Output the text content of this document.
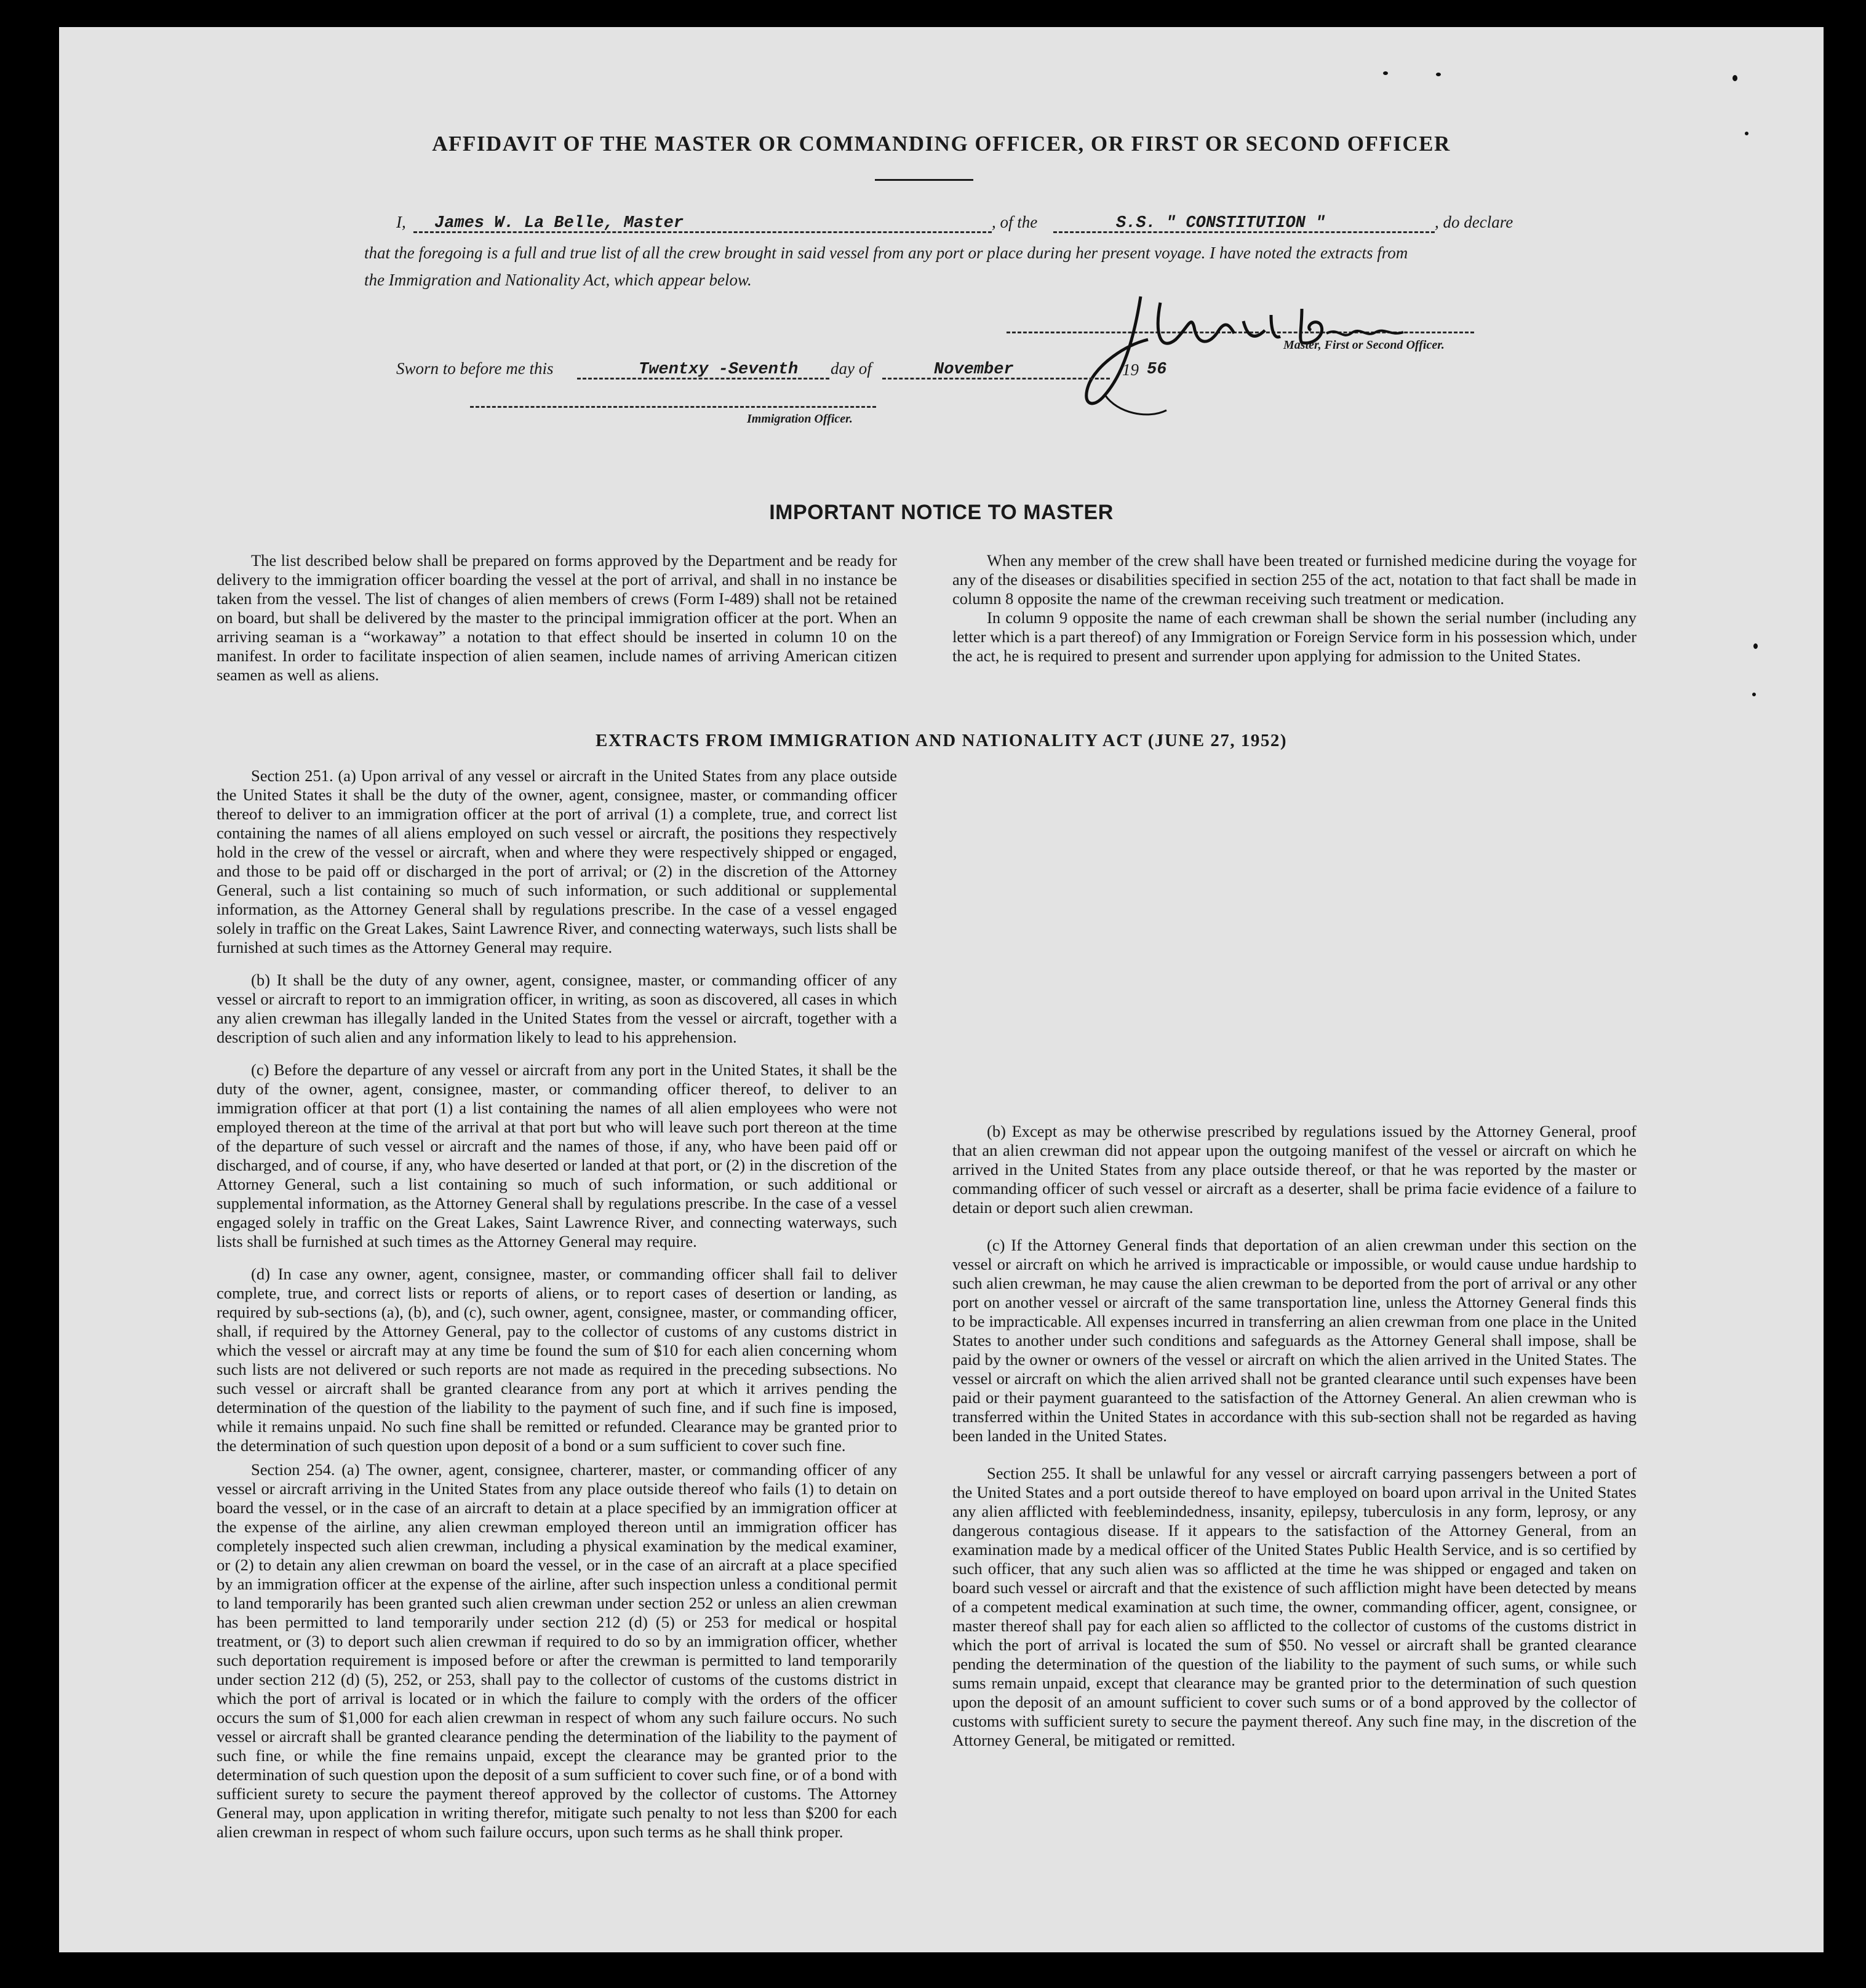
AFFIDAVIT OF THE MASTER OR COMMANDING OFFICER, OR FIRST OR SECOND OFFICER
I, James W. La Belle, Master	, of the	S.S. " CONSTITUTION "	, do declare
that the foregoing is a full and true list of all the crew brought in said vessel from any port or place during her present voyage. I have noted the extracts from
the Immigration and Nationality Act, which appear below.
Master, First or Second Officer.
Sworn to before me this	Twentxy -Seventh day of	November	19 56
Immigration Officer.
IMPORTANT NOTICE TO MASTER

The list described below shall be prepared on forms approved by the Department and be ready for delivery to the immigration officer boarding the vessel at the port of arrival, and shall in no instance be taken from the vessel. The list of changes of alien members of crews (Form I-489) shall not be retained on board, but shall be delivered by the master to the principal immigration officer at the port. When an arriving seaman is a “workaway” a notation to that effect should be inserted in column 10 on the manifest. In order to facilitate inspection of alien seamen, include names of arriving American citizen seamen as well as aliens.

When any member of the crew shall have been treated or furnished medicine during the voyage for any of the diseases or disabilities specified in section 255 of the act, notation to that fact shall be made in column 8 opposite the name of the crewman receiving such treatment or medication.

In column 9 opposite the name of each crewman shall be shown the serial number (including any letter which is a part thereof) of any Immigration or Foreign Service form in his possession which, under the act, he is required to present and surrender upon applying for admission to the United States.

EXTRACTS FROM IMMIGRATION AND NATIONALITY ACT (JUNE 27, 1952)

Section 251. (a) Upon arrival of any vessel or aircraft in the United States from any place outside the United States it shall be the duty of the owner, agent, consignee, master, or commanding officer thereof to deliver to an immigration officer at the port of arrival (1) a complete, true, and correct list containing the names of all aliens employed on such vessel or aircraft, the positions they respectively hold in the crew of the vessel or aircraft, when and where they were respectively shipped or engaged, and those to be paid off or discharged in the port of arrival; or (2) in the discretion of the Attorney General, such a list containing so much of such information, or such additional or supplemental information, as the Attorney General shall by regulations prescribe. In the case of a vessel engaged solely in traffic on the Great Lakes, Saint Lawrence River, and connecting waterways, such lists shall be furnished at such times as the Attorney General may require.

(b) It shall be the duty of any owner, agent, consignee, master, or commanding officer of any vessel or aircraft to report to an immigration officer, in writing, as soon as discovered, all cases in which any alien crewman has illegally landed in the United States from the vessel or aircraft, together with a description of such alien and any information likely to lead to his apprehension.

(c) Before the departure of any vessel or aircraft from any port in the United States, it shall be the duty of the owner, agent, consignee, master, or commanding officer thereof, to deliver to an immigration officer at that port (1) a list containing the names of all alien employees who were not employed thereon at the time of the arrival at that port but who will leave such port thereon at the time of the departure of such vessel or aircraft and the names of those, if any, who have been paid off or discharged, and of course, if any, who have deserted or landed at that port, or (2) in the discretion of the Attorney General, such a list containing so much of such information, or such additional or supplemental information, as the Attorney General shall by regulations prescribe. In the case of a vessel engaged solely in traffic on the Great Lakes, Saint Lawrence River, and connecting waterways, such lists shall be furnished at such times as the Attorney General may require.

(d) In case any owner, agent, consignee, master, or commanding officer shall fail to deliver complete, true, and correct lists or reports of aliens, or to report cases of desertion or landing, as required by sub-sections (a), (b), and (c), such owner, agent, consignee, master, or commanding officer, shall, if required by the Attorney General, pay to the collector of customs of any customs district in which the vessel or aircraft may at any time be found the sum of $10 for each alien concerning whom such lists are not delivered or such reports are not made as required in the preceding subsections. No such vessel or aircraft shall be granted clearance from any port at which it arrives pending the determination of the question of the liability to the payment of such fine, and if such fine is imposed, while it remains unpaid. No such fine shall be remitted or refunded. Clearance may be granted prior to the determination of such question upon deposit of a bond or a sum sufficient to cover such fine.

Section 254. (a) The owner, agent, consignee, charterer, master, or commanding officer of any vessel or aircraft arriving in the United States from any place outside thereof who fails (1) to detain on board the vessel, or in the case of an aircraft to detain at a place specified by an immigration officer at the expense of the airline, any alien crewman employed thereon until an immigration officer has completely inspected such alien crewman, including a physical examination by the medical examiner, or (2) to detain any alien crewman on board the vessel, or in the case of an aircraft at a place specified by an immigration officer at the expense of the airline, after such inspection unless a conditional permit to land temporarily has been granted such alien crewman under section 252 or unless an alien crewman has been permitted to land temporarily under section 212 (d) (5) or 253 for medical or hospital treatment, or (3) to deport such alien crewman if required to do so by an immigration officer, whether such deportation requirement is imposed before or after the crewman is permitted to land temporarily under section 212 (d) (5), 252, or 253, shall pay to the collector of customs of the customs district in which the port of arrival is located or in which the failure to comply with the orders of the officer occurs the sum of $1,000 for each alien crewman in respect of whom any such failure occurs. No such vessel or aircraft shall be granted clearance pending the determination of the liability to the payment of such fine, or while the fine remains unpaid, except the clearance may be granted prior to the determination of such question upon the deposit of a sum sufficient to cover such fine, or of a bond with sufficient surety to secure the payment thereof approved by the collector of customs. The Attorney General may, upon application in writing therefor, mitigate such penalty to not less than $200 for each alien crewman in respect of whom such failure occurs, upon such terms as he shall think proper.

(b) Except as may be otherwise prescribed by regulations issued by the Attorney General, proof that an alien crewman did not appear upon the outgoing manifest of the vessel or aircraft on which he arrived in the United States from any place outside thereof, or that he was reported by the master or commanding officer of such vessel or aircraft as a deserter, shall be prima facie evidence of a failure to detain or deport such alien crewman.

(c) If the Attorney General finds that deportation of an alien crewman under this section on the vessel or aircraft on which he arrived is impracticable or impossible, or would cause undue hardship to such alien crewman, he may cause the alien crewman to be deported from the port of arrival or any other port on another vessel or aircraft of the same transportation line, unless the Attorney General finds this to be impracticable. All expenses incurred in transferring an alien crewman from one place in the United States to another under such conditions and safeguards as the Attorney General shall impose, shall be paid by the owner or owners of the vessel or aircraft on which the alien arrived in the United States. The vessel or aircraft on which the alien arrived shall not be granted clearance until such expenses have been paid or their payment guaranteed to the satisfaction of the Attorney General. An alien crewman who is transferred within the United States in accordance with this sub-section shall not be regarded as having been landed in the United States.

Section 255. It shall be unlawful for any vessel or aircraft carrying passengers between a port of the United States and a port outside thereof to have employed on board upon arrival in the United States any alien afflicted with feeblemindedness, insanity, epilepsy, tuberculosis in any form, leprosy, or any dangerous contagious disease. If it appears to the satisfaction of the Attorney General, from an examination made by a medical officer of the United States Public Health Service, and is so certified by such officer, that any such alien was so afflicted at the time he was shipped or engaged and taken on board such vessel or aircraft and that the existence of such affliction might have been detected by means of a competent medical examination at such time, the owner, commanding officer, agent, consignee, or master thereof shall pay for each alien so afflicted to the collector of customs of the customs district in which the port of arrival is located the sum of $50. No vessel or aircraft shall be granted clearance pending the determination of the question of the liability to the payment of such sums, or while such sums remain unpaid, except that clearance may be granted prior to the determination of such question upon the deposit of an amount sufficient to cover such sums or of a bond approved by the collector of customs with sufficient surety to secure the payment thereof. Any such fine may, in the discretion of the Attorney General, be mitigated or remitted.
